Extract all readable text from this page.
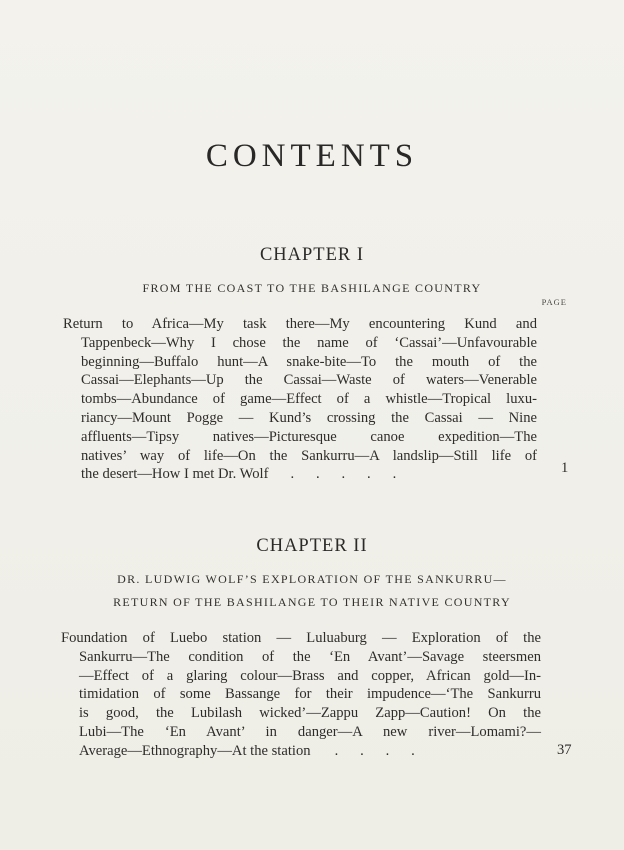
CONTENTS
CHAPTER I
FROM THE COAST TO THE BASHILANGE COUNTRY
PAGE
Return to Africa—My task there—My encountering Kund and
Tappenbeck—Why I chose the name of ‘Cassai’—Unfavourable
beginning—Buffalo hunt—A snake-bite—To the mouth of the
Cassai—Elephants—Up the Cassai—Waste of waters—Venerable
tombs—Abundance of game—Effect of a whistle—Tropical luxu-
riancy—Mount Pogge — Kund’s crossing the Cassai — Nine
affluents—Tipsy natives—Picturesque canoe expedition—The
natives’ way of life—On the Sankurru—A landslip—Still life of
the desert—How I met Dr. Wolf .      .      .      .      .	1
CHAPTER II
DR. LUDWIG WOLF’S EXPLORATION OF THE SANKURRU—
RETURN OF THE BASHILANGE TO THEIR NATIVE COUNTRY
Foundation of Luebo station — Luluaburg — Exploration of the
Sankurru—The condition of the ‘En Avant’—Savage steersmen
—Effect of a glaring colour—Brass and copper, African gold—In-
timidation of some Bassange for their impudence—‘The Sankurru
is good, the Lubilash wicked’—Zappu Zapp—Caution! On the
Lubi—The ‘En Avant’ in danger—A new river—Lomami?—
Average—Ethnography—At the station .      .      .      .	37
